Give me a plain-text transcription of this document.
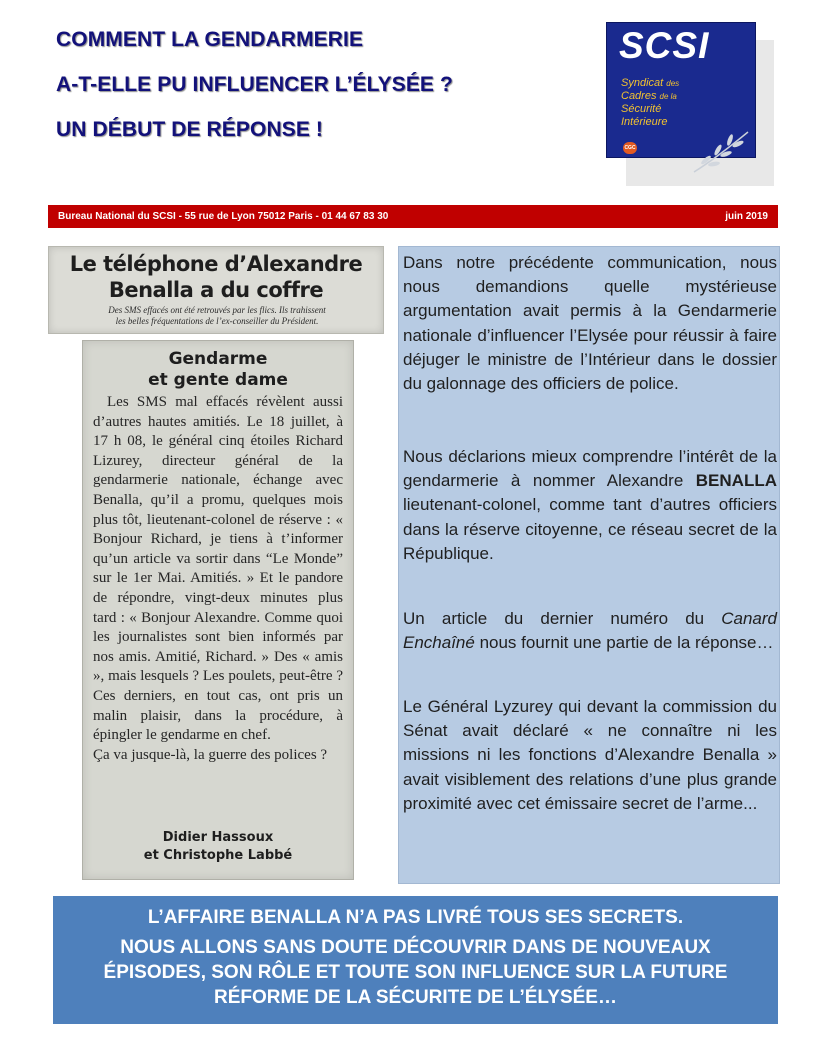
COMMENT LA GENDARMERIE
A-T-ELLE PU INFLUENCER L’ÉLYSÉE ?
UN DÉBUT DE RÉPONSE !
SCSI
Syndicat des
Cadres de la
Sécurité
Intérieure
CGC
Bureau National du SCSI - 55 rue de Lyon 75012 Paris - 01 44 67 83 30	juin 2019
Le téléphone d’Alexandre
Benalla a du coffre
Des SMS effacés ont été retrouvés par les flics. Ils trahissent
les belles fréquentations de l’ex-conseiller du Président.
Gendarme
et gente dame
Les SMS mal effacés révèlent aussi d’autres hautes amitiés. Le 18 juillet, à 17 h 08, le général cinq étoiles Richard Lizurey, directeur général de la gendarmerie nationale, échange avec Benalla, qu’il a promu, quelques mois plus tôt, lieutenant-colonel de réserve : « Bonjour Richard, je tiens à t’informer qu’un article va sortir dans “Le Monde” sur le 1er Mai. Amitiés. » Et le pandore de répondre, vingt-deux minutes plus tard : « Bonjour Alexandre. Comme quoi les journalistes sont bien informés par nos amis. Amitié, Richard. » Des « amis », mais lesquels ? Les poulets, peut-être ? Ces derniers, en tout cas, ont pris un malin plaisir, dans la procédure, à épingler le gendarme en chef.
Ça va jusque-là, la guerre des polices ?
Didier Hassoux
et Christophe Labbé
Dans notre précédente communication, nous nous demandions quelle mystérieuse argumentation avait permis à la Gendarmerie nationale d’influencer l’Elysée pour réussir à faire déjuger le ministre de l’Intérieur dans le dossier du galonnage des officiers de police.
Nous déclarions mieux comprendre l’intérêt de la gendarmerie à nommer Alexandre BENALLA lieutenant-colonel, comme tant d’autres officiers dans la réserve citoyenne, ce réseau secret de la République.
Un article du dernier numéro du Canard Enchaîné nous fournit une partie de la réponse…
Le Général Lyzurey qui devant la commission du Sénat avait déclaré « ne connaître ni les missions ni les fonctions d’Alexandre Benalla » avait visiblement des relations d’une plus grande proximité avec cet émissaire secret de l’arme...
L’AFFAIRE BENALLA N’A PAS LIVRÉ TOUS SES SECRETS.
NOUS ALLONS SANS DOUTE DÉCOUVRIR DANS DE NOUVEAUX
ÉPISODES, SON RÔLE ET TOUTE SON INFLUENCE SUR LA FUTURE
RÉFORME DE LA SÉCURITE DE L’ÉLYSÉE…
